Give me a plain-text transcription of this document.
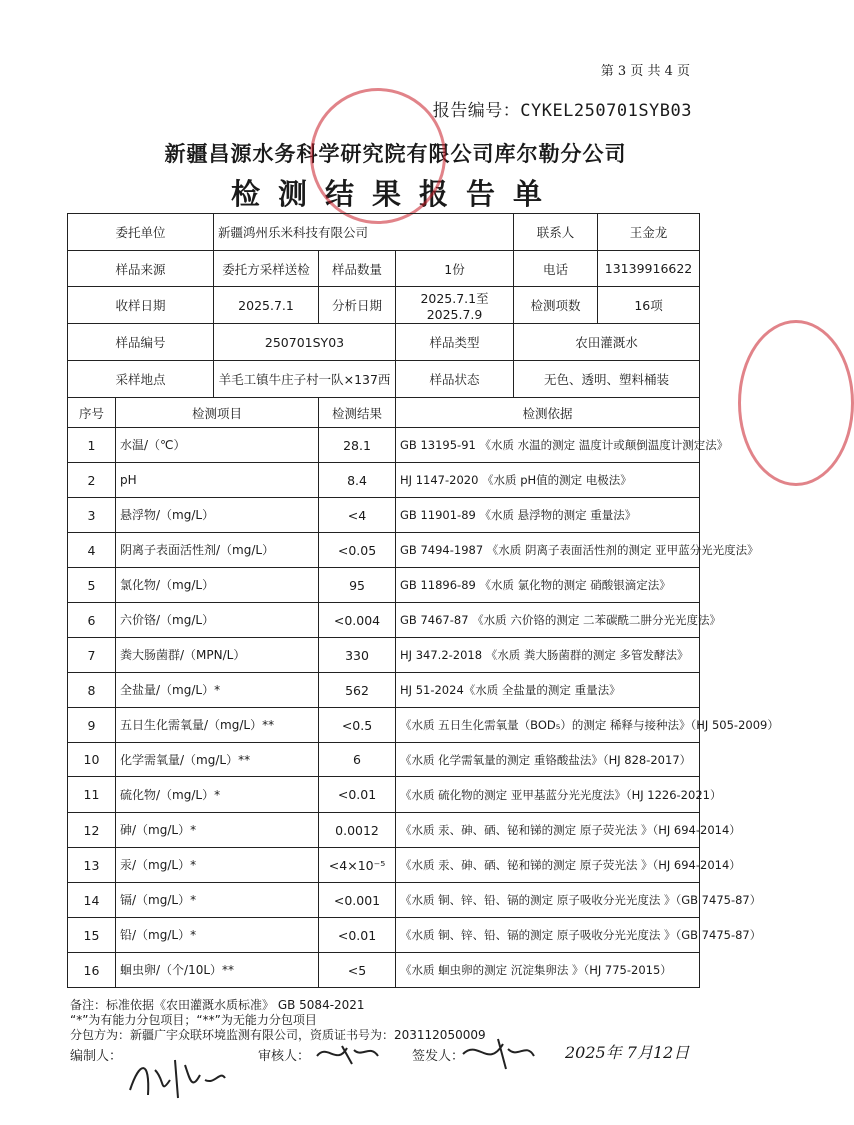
第 3 页 共 4 页
报告编号：CYKEL250701SYB03
新疆昌源水务科学研究院有限公司库尔勒分公司
检测结果报告单
委托单位		新疆鸿州乐米科技有限公司			联系人	王金龙
样品来源		委托方采样送检	样品数量	1份	电话	13139916622
收样日期		2025.7.1	分析日期	2025.7.1至2025.7.9	检测项数	16项
样品编号		250701SY03		样品类型	农田灌溉水	
采样地点		羊毛工镇牛庄子村一队×137西		样品状态	无色、透明、塑料桶装	
序号	检测项目		检测结果	检测依据		
1	水温/（℃）		28.1	GB 13195-91 《水质 水温的测定 温度计或颠倒温度计测定法》		
2	pH		8.4	HJ 1147-2020 《水质 pH值的测定 电极法》		
3	悬浮物/（mg/L）		<4	GB 11901-89 《水质 悬浮物的测定 重量法》		
4	阴离子表面活性剂/（mg/L）		<0.05	GB 7494-1987 《水质 阴离子表面活性剂的测定 亚甲蓝分光光度法》		
5	氯化物/（mg/L）		95	GB 11896-89 《水质 氯化物的测定 硝酸银滴定法》		
6	六价铬/（mg/L）		<0.004	GB 7467-87 《水质 六价铬的测定 二苯碳酰二肼分光光度法》		
7	粪大肠菌群/（MPN/L）		330	HJ 347.2-2018 《水质 粪大肠菌群的测定 多管发酵法》		
8	全盐量/（mg/L）*		562	HJ 51-2024《水质 全盐量的测定 重量法》		
9	五日生化需氧量/（mg/L）**		<0.5	《水质 五日生化需氧量（BOD₅）的测定 稀释与接种法》（HJ 505-2009）		
10	化学需氧量/（mg/L）**		6	《水质 化学需氧量的测定 重铬酸盐法》（HJ 828-2017）		
11	硫化物/（mg/L）*		<0.01	《水质 硫化物的测定 亚甲基蓝分光光度法》（HJ 1226-2021）		
12	砷/（mg/L）*		0.0012	《水质 汞、砷、硒、铋和锑的测定 原子荧光法 》（HJ 694-2014）		
13	汞/（mg/L）*		<4×10⁻⁵	《水质 汞、砷、硒、铋和锑的测定 原子荧光法 》（HJ 694-2014）		
14	镉/（mg/L）*		<0.001	《水质 铜、锌、铅、镉的测定 原子吸收分光光度法 》（GB 7475-87）		
15	铅/（mg/L）*		<0.01	《水质 铜、锌、铅、镉的测定 原子吸收分光光度法 》（GB 7475-87）		
16	蛔虫卵/（个/10L）**		<5	《水质 蛔虫卵的测定 沉淀集卵法 》（HJ 775-2015）		
备注：标准依据《农田灌溉水质标准》 GB 5084-2021
“*”为有能力分包项目；“**”为无能力分包项目
分包方为：新疆广宇众联环境监测有限公司，资质证书号为：203112050009
编制人：	审核人：	签发人：	2025年 7月12日
